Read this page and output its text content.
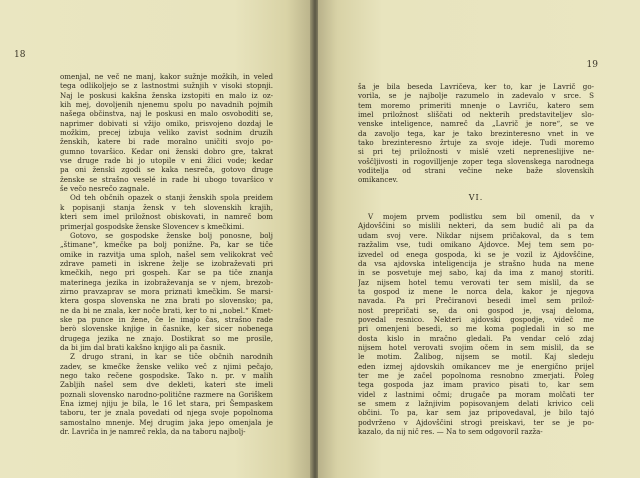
18
omenjal, ne več ne manj, kakor sužnje možkih, in veled
tega odlikoljejo se z lastnostmi sužnjih v visoki stopnji.
Naj le poskusi kakšna ženska izstopiti en malo iz oz-
kih mej, dovoljenih njenemu spolu po navadnih pojmih
našega občinstva, naj le poskusi en malo osvoboditi se,
naprimer dobivati si vžijo omiko, prisvojeno dozdaj le
možkim, precej izbuja veliko zavist sodnim druzih
ženskih, katere bi rade moralno uničiti svojo po-
gumno tovaršico. Kedar oni ženski dobro gre, takrat
vse druge rade bi jo utopile v eni žlici vode; kedar
pa oni ženski zgodi se kaka nesreča, gotovo druge
ženske se strašno veselé in rade bi ubogo tovaršico v
še večo nesrečo zagnale.
Od teh občnih opazek o stanji ženskih spola preidem
k popisanji stanja žensk v teh slovenskih krajih,
kteri sem imel priložnost obiskovati, in namreč bom
primerjal gospodske ženske Slovencev s kmečkimi.
Gotovo, se gospodske ženske bolj ponosne, bolj
„štimane“, kmečke pa bolj ponižne. Pa, kar se tiče
omike in razvitja uma sploh, našel sem velikokrat več
zdrave pameti in iskrene želje se izobraževati pri
kmečkih, nego pri gospeh. Kar se pa tiče znanja
materinega jezika in izobraževanja se v njem, brezob-
zirno pravzaprav se mora priznati kmečkim. Se marsi-
ktera gospa slovenska ne zna brati po slovensko; pa,
ne da bi ne znala, ker noče brati, ker to ni „nobel.“ Kmet-
ske pa punce in žene, če le imajo čas, strašno rade
berò slovenske knjige in časnike, ker sicer nobenega
drugega jezika ne znajo. Dostikrat so me prosile,
da bi jim dal brati kakšno knjigo ali pa časnik.
Z drugo strani, in kar se tiče občnih narodnih
zadev, se kmečke ženske veliko več z njimi pečajo,
nego tako rečene gospodske. Tako n. pr. v malih
Zabljih našel sem dve dekleti, kateri ste imeli
poznali slovensko narodno-politične razmere na Goriškem
Ena izmej njiju je bila, le 16 let stara, pri Šempaskem
taboru, ter je znala povedati od njega svoje popolnoma
samostalno mnenje. Mej drugim jaka jepo omenjala je
dr. Lavriča in je namreč rekla, da na taboru najbolj-
19
ša je bila beseda Lavričeva, ker to, kar je Lavrič go-
vorila, se je najbolje razumelo in zadevalo v srce. S
tem moremo primeriti mnenje o Lavriču, katero sem
imel priložnost sliščati od nekterih predstaviteljev slo-
venske inteligence, namreč da „Lavrič je nore“, se ve
da zavoljo tega, kar je tako brezinteresno vnet in ve
tako brezinteresno žrtuje za svoje ideje. Tudi moremo
si pri tej priložnosti v mislé vzeti nepreneslijive ne-
voščljivosti in rogovilljenje zoper tega slovenskega narodnega
voditelja od strani večine neke baže slovenskih
omikancev.
VI.
V mojem prvem podlistku sem bil omenil, da v
Ajdovščini so mislili nekteri, da sem budič ali pa da
udam svoj vere. Nikdar nijsem pričakoval, da s tem
razžalim vse, tudi omikano Ajdovce. Mej tem sem po-
izvedel od enega gospoda, ki se je vozil iz Ajdovščine,
da vsa ajdovska inteligencija je strašno huda na mene
in se posvetuje mej sabo, kaj da ima z manoj storiti.
Jaz nijsem hotel temu verovati ter sem mislil, da se
ta gospod iz mene le norca dela, kakor je njegova
navada. Pa pri Prečiranovi besedi imel sem prilož-
nost prepričati se, da oni gospod je, vsaj deloma,
povedal resnico. Nekteri ajdovski gospodje, videč me
pri omenjeni besedi, so me koma pogledali in so me
dosta kislo in mračno gledali. Pa vendar celó zdaj
nijsem hotel verovati svojim očem in sem mislil, da se
le motim. Žalibog, nijsem se motil. Kaj sledeju
eden izmej ajdovskih omikancev me je energično prijel
ter me je začel popolnoma resnobno zmerjati. Poleg
tega gospoda jaz imam pravico pisati to, kar sem
videl z lastnimi očmi; drugače pa moram molčati ter
se smem z lažnjivim popisovanjem delati krivico celi
občini. To pa, kar sem jaz pripovedaval, je bilo tajó
podvrženo v Ajdovščini strogi preiskavi, ter se je po-
kazalo, da nij nič res. — Na to sem odgovoril razža-
